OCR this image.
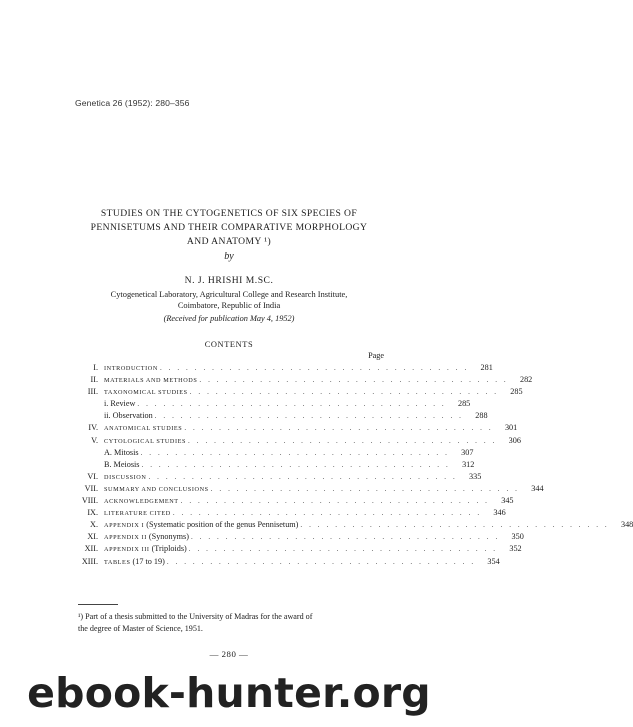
Genetica 26 (1952): 280–356
STUDIES ON THE CYTOGENETICS OF SIX SPECIES OF
PENNISETUMS AND THEIR COMPARATIVE MORPHOLOGY
AND ANATOMY ¹)
by
N. J. HRISHI M.SC.
Cytogenetical Laboratory, Agricultural College and Research Institute,
Coimbatore, Republic of India
(Received for publication May 4, 1952)
CONTENTS
Page
I. INTRODUCTION . . . . . . . . . . . . . . . . . . . . . . . . . . . . . . . . . . . .	281
II. MATERIALS AND METHODS . . . . . . . . . . . . . . . . . . . . . . . . . . . . . . . . . . . .	282
III. TAXONOMICAL STUDIES . . . . . . . . . . . . . . . . . . . . . . . . . . . . . . . . . . . .	285
i. Review . . . . . . . . . . . . . . . . . . . . . . . . . . . . . . . . . . . .	285
ii. Observation . . . . . . . . . . . . . . . . . . . . . . . . . . . . . . . . . . . .	288
IV. ANATOMICAL STUDIES . . . . . . . . . . . . . . . . . . . . . . . . . . . . . . . . . . . .	301
V. CYTOLOGICAL STUDIES . . . . . . . . . . . . . . . . . . . . . . . . . . . . . . . . . . . .	306
A. Mitosis . . . . . . . . . . . . . . . . . . . . . . . . . . . . . . . . . . . .	307
B. Meiosis . . . . . . . . . . . . . . . . . . . . . . . . . . . . . . . . . . . .	312
VI. DISCUSSION . . . . . . . . . . . . . . . . . . . . . . . . . . . . . . . . . . . .	335
VII. SUMMARY AND CONCLUSIONS . . . . . . . . . . . . . . . . . . . . . . . . . . . . . . . . . . . .	344
VIII. ACKNOWLEDGEMENT . . . . . . . . . . . . . . . . . . . . . . . . . . . . . . . . . . . .	345
IX. LITERATURE CITED . . . . . . . . . . . . . . . . . . . . . . . . . . . . . . . . . . . .	346
X. APPENDIX I (Systematic position of the genus Pennisetum) . . . . . . . . . . . . . . . . . . . . . . . . . . . . . . . . . . . .	348
XI. APPENDIX II (Synonyms) . . . . . . . . . . . . . . . . . . . . . . . . . . . . . . . . . . . .	350
XII. APPENDIX III (Triploids) . . . . . . . . . . . . . . . . . . . . . . . . . . . . . . . . . . . .	352
XIII. TABLES (17 to 19) . . . . . . . . . . . . . . . . . . . . . . . . . . . . . . . . . . . .	354
¹) Part of a thesis submitted to the University of Madras for the award of
the degree of Master of Science, 1951.
— 280 —
ebook-hunter.org
